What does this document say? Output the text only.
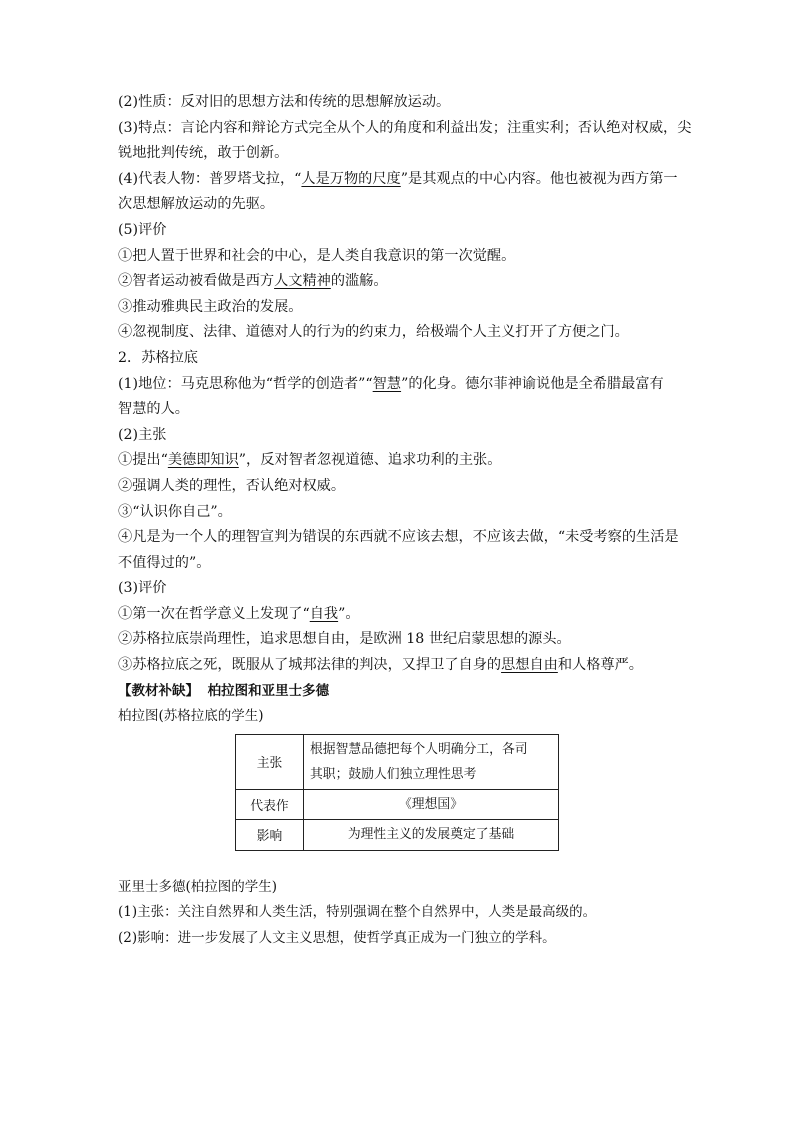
(2)性质：反对旧的思想方法和传统的思想解放运动。
(3)特点：言论内容和辩论方式完全从个人的角度和利益出发；注重实利；否认绝对权威，尖
锐地批判传统，敢于创新。
(4)代表人物：普罗塔戈拉，“人是万物的尺度”是其观点的中心内容。他也被视为西方第一
次思想解放运动的先驱。
(5)评价
①把人置于世界和社会的中心，是人类自我意识的第一次觉醒。
②智者运动被看做是西方人文精神的滥觞。
③推动雅典民主政治的发展。
④忽视制度、法律、道德对人的行为的约束力，给极端个人主义打开了方便之门。
2．苏格拉底
(1)地位：马克思称他为“哲学的创造者”“智慧”的化身。德尔菲神谕说他是全希腊最富有
智慧的人。
(2)主张
①提出“美德即知识”，反对智者忽视道德、追求功利的主张。
②强调人类的理性，否认绝对权威。
③“认识你自己”。
④凡是为一个人的理智宣判为错误的东西就不应该去想，不应该去做，“未受考察的生活是
不值得过的”。
(3)评价
①第一次在哲学意义上发现了“自我”。
②苏格拉底崇尚理性，追求思想自由，是欧洲 18 世纪启蒙思想的源头。
③苏格拉底之死，既服从了城邦法律的判决，又捍卫了自身的思想自由和人格尊严。
【教材补缺】 柏拉图和亚里士多德
柏拉图(苏格拉底的学生)
主张	根据智慧品德把每个人明确分工，各司
其职；鼓励人们独立理性思考

代表作	《理想国》
影响	为理性主义的发展奠定了基础
亚里士多德(柏拉图的学生)
(1)主张：关注自然界和人类生活，特别强调在整个自然界中，人类是最高级的。
(2)影响：进一步发展了人文主义思想，使哲学真正成为一门独立的学科。
